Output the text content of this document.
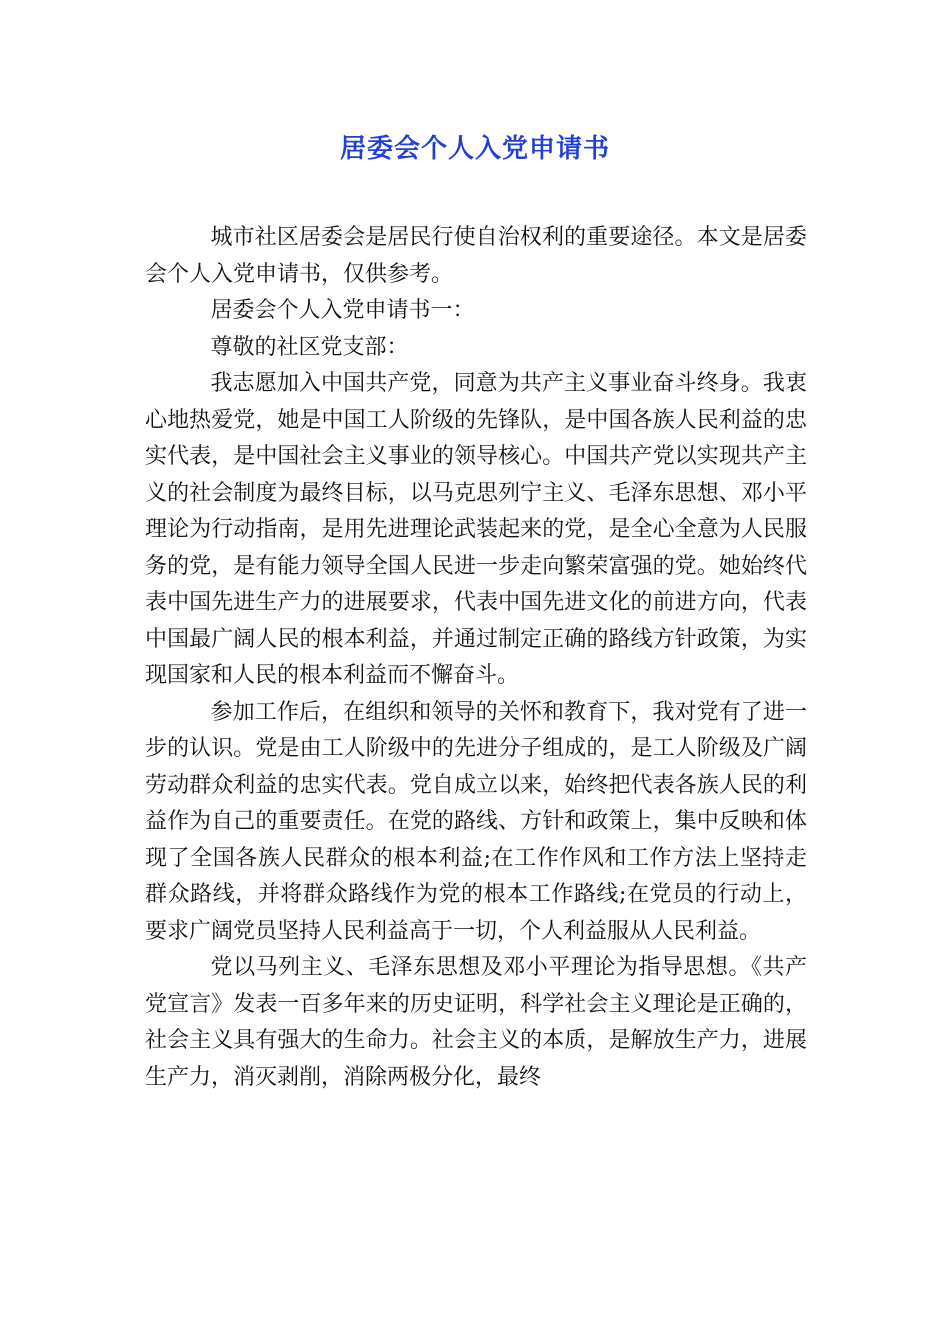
居委会个人入党申请书

城市社区居委会是居民行使自治权利的重要途径。本文是居委会个人入党申请书，仅供参考。

居委会个人入党申请书一：

尊敬的社区党支部：

我志愿加入中国共产党，同意为共产主义事业奋斗终身。我衷心地热爱党，她是中国工人阶级的先锋队，是中国各族人民利益的忠实代表，是中国社会主义事业的领导核心。中国共产党以实现共产主义的社会制度为最终目标，以马克思列宁主义、毛泽东思想、邓小平理论为行动指南，是用先进理论武装起来的党，是全心全意为人民服务的党，是有能力领导全国人民进一步走向繁荣富强的党。她始终代表中国先进生产力的进展要求，代表中国先进文化的前进方向，代表中国最广阔人民的根本利益，并通过制定正确的路线方针政策，为实现国家和人民的根本利益而不懈奋斗。

参加工作后，在组织和领导的关怀和教育下，我对党有了进一步的认识。党是由工人阶级中的先进分子组成的，是工人阶级及广阔劳动群众利益的忠实代表。党自成立以来，始终把代表各族人民的利益作为自己的重要责任。在党的路线、方针和政策上，集中反映和体现了全国各族人民群众的根本利益;在工作作风和工作方法上坚持走群众路线，并将群众路线作为党的根本工作路线;在党员的行动上，要求广阔党员坚持人民利益高于一切，个人利益服从人民利益。

党以马列主义、毛泽东思想及邓小平理论为指导思想。《共产党宣言》发表一百多年来的历史证明，科学社会主义理论是正确的，社会主义具有强大的生命力。社会主义的本质，是解放生产力，进展生产力，消灭剥削，消除两极分化，最终
